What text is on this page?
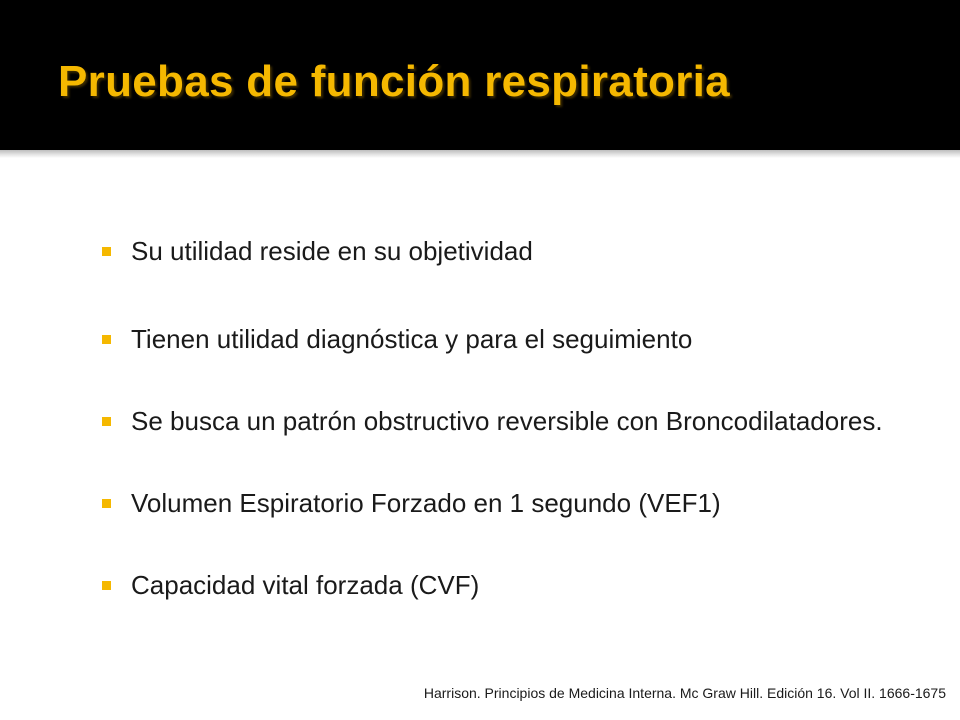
Pruebas de función respiratoria
Su utilidad reside en su objetividad
Tienen utilidad diagnóstica y para el seguimiento
Se busca un patrón obstructivo reversible con Broncodilatadores.
Volumen Espiratorio Forzado en 1 segundo (VEF1)
Capacidad vital forzada (CVF)
Harrison. Principios de Medicina Interna. Mc Graw Hill. Edición 16. Vol II. 1666-1675
